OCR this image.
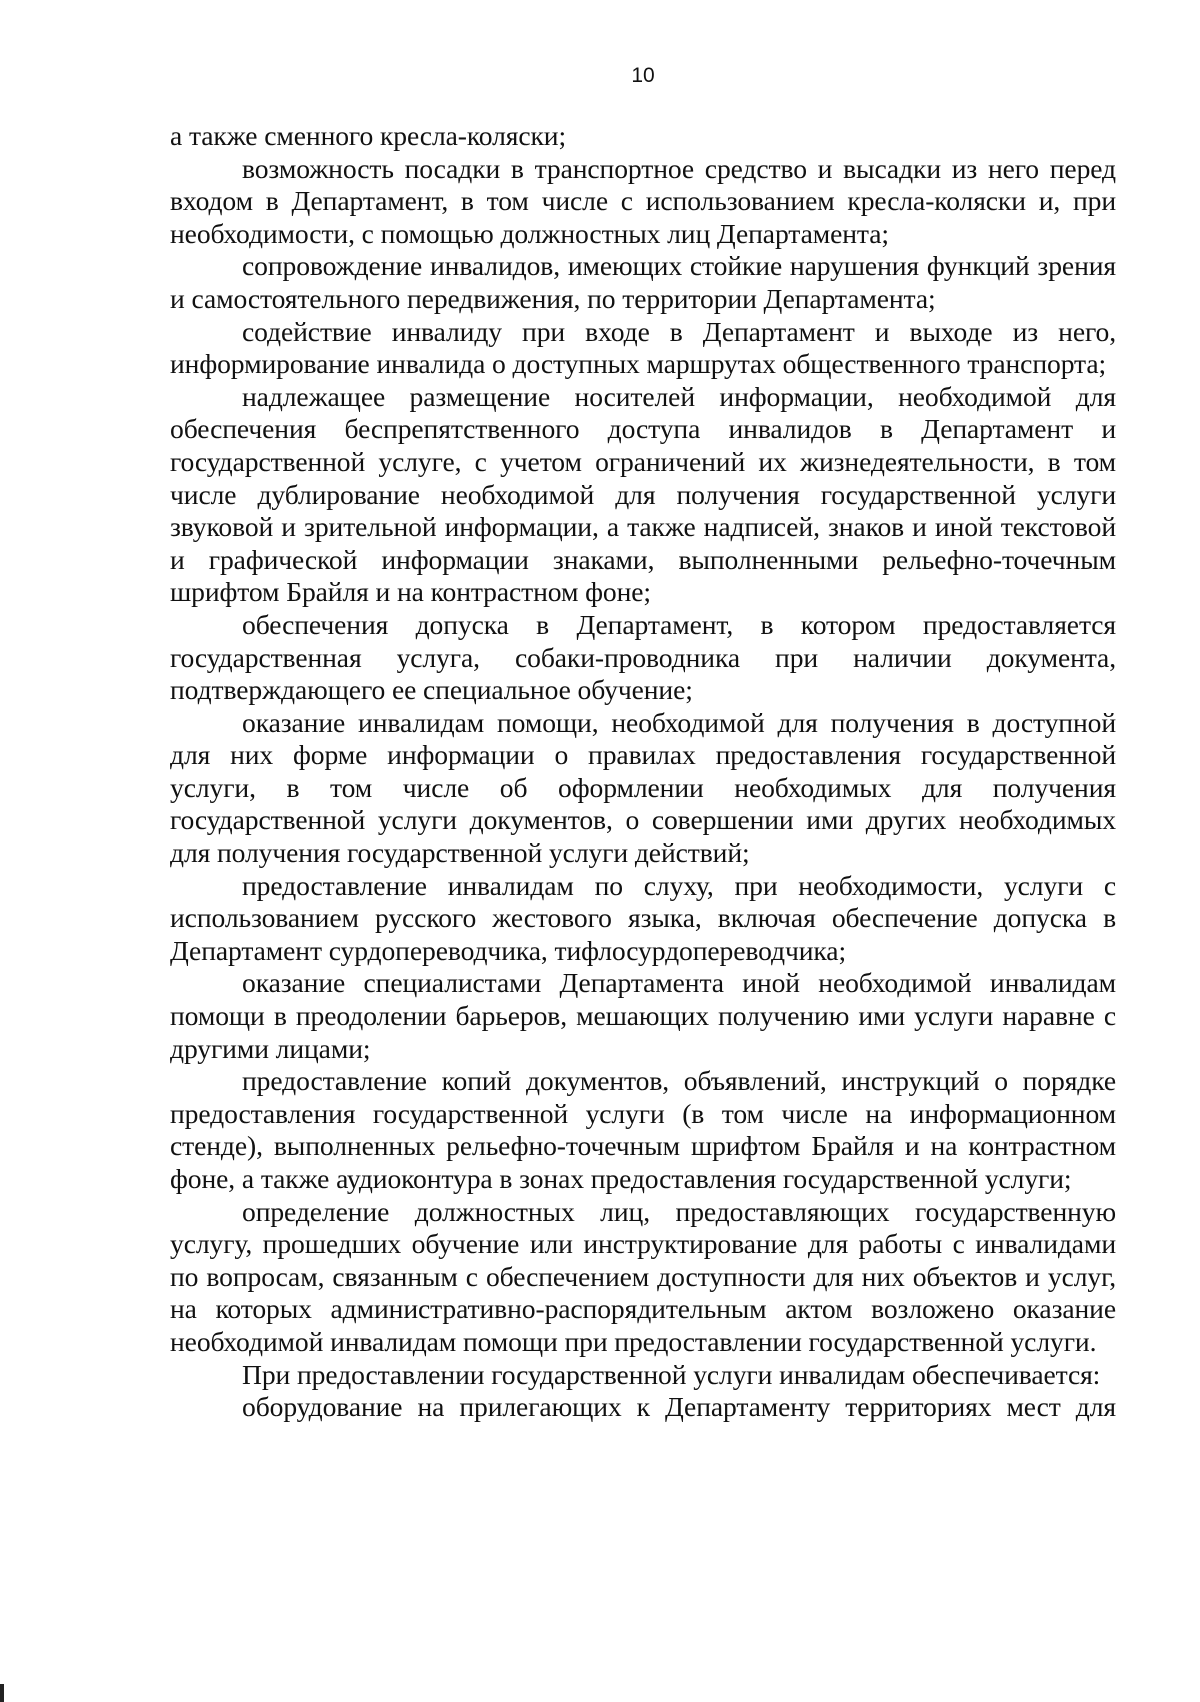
10

а также сменного кресла-коляски;

возможность посадки в транспортное средство и высадки из него перед входом в Департамент, в том числе с использованием кресла-коляски и, при необходимости, с помощью должностных лиц Департамента;

сопровождение инвалидов, имеющих стойкие нарушения функций зрения и самостоятельного передвижения, по территории Департамента;

содействие инвалиду при входе в Департамент и выходе из него, информирование инвалида о доступных маршрутах общественного транспорта;

надлежащее размещение носителей информации, необходимой для обеспечения беспрепятственного доступа инвалидов в Департамент и государственной услуге, с учетом ограничений их жизнедеятельности, в том числе дублирование необходимой для получения государственной услуги звуковой и зрительной информации, а также надписей, знаков и иной текстовой и графической информации знаками, выполненными рельефно-точечным шрифтом Брайля и на контрастном фоне;

обеспечения допуска в Департамент, в котором предоставляется государственная услуга, собаки-проводника при наличии документа, подтверждающего ее специальное обучение;

оказание инвалидам помощи, необходимой для получения в доступной для них форме информации о правилах предоставления государственной услуги, в том числе об оформлении необходимых для получения государственной услуги документов, о совершении ими других необходимых для получения государственной услуги действий;

предоставление инвалидам по слуху, при необходимости, услуги с использованием русского жестового языка, включая обеспечение допуска в Департамент сурдопереводчика, тифлосурдопереводчика;

оказание специалистами Департамента иной необходимой инвалидам помощи в преодолении барьеров, мешающих получению ими услуги наравне с другими лицами;

предоставление копий документов, объявлений, инструкций о порядке предоставления государственной услуги (в том числе на информационном стенде), выполненных рельефно-точечным шрифтом Брайля и на контрастном фоне, а также аудиоконтура в зонах предоставления государственной услуги;

определение должностных лиц, предоставляющих государственную услугу, прошедших обучение или инструктирование для работы с инвалидами по вопросам, связанным с обеспечением доступности для них объектов и услуг, на которых административно-распорядительным актом возложено оказание необходимой инвалидам помощи при предоставлении государственной услуги.

При предоставлении государственной услуги инвалидам обеспечивается:

оборудование на прилегающих к Департаменту территориях мест для
